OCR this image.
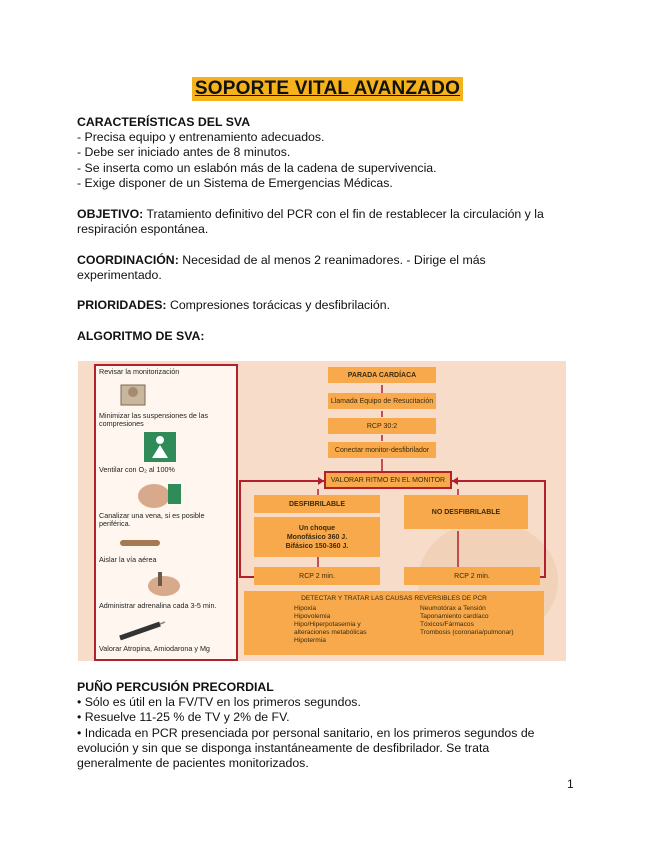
SOPORTE VITAL AVANZADO

CARACTERÍSTICAS DEL SVA

- Precisa equipo y entrenamiento adecuados.

- Debe ser iniciado antes de 8 minutos.

- Se inserta como un eslabón más de la cadena de supervivencia.

- Exige disponer de un Sistema de Emergencias Médicas.

OBJETIVO: Tratamiento definitivo del PCR con el fin de restablecer la circulación y la respiración espontánea.

COORDINACIÓN: Necesidad de al menos 2 reanimadores. - Dirige el más experimentado.

PRIORIDADES: Compresiones torácicas y desfibrilación.

ALGORITMO DE SVA:

Revisar la monitorización
Minimizar las suspensiones de las compresiones
Ventilar con O₂ al 100%
Canalizar una vena, si es posible periférica.
Aislar la vía aérea
Administrar adrenalina cada 3-5 min.
Valorar Atropina, Amiodarona y Mg
PARADA CARDÍACA
Llamada Equipo de Resucitación
RCP 30:2
Conectar monitor-desfibrilador
VALORAR RITMO EN EL MONITOR
DESFIBRILABLE
Un choque
Monofásico 360 J.
Bifásico 150-360 J.
NO DESFIBRILABLE
RCP 2 min.	RCP 2 min.
DETECTAR Y TRATAR LAS CAUSAS REVERSIBLES DE PCR
Hipoxia
Hipovolemia
Hipo/Hiperpotasemia y
alteraciones metabólicas
Hipotermia
Neumotórax a Tensión
Taponamiento cardíaco
Tóxicos/Fármacos
Trombosis (coronaria/pulmonar)

PUÑO PERCUSIÓN PRECORDIAL

• Sólo es útil en la FV/TV en los primeros segundos.

• Resuelve 11-25 % de TV y 2% de FV.

• Indicada en PCR presenciada por personal sanitario, en los primeros segundos de evolución y sin que se disponga instantáneamente de desfibrilador. Se trata generalmente de pacientes monitorizados.

1
